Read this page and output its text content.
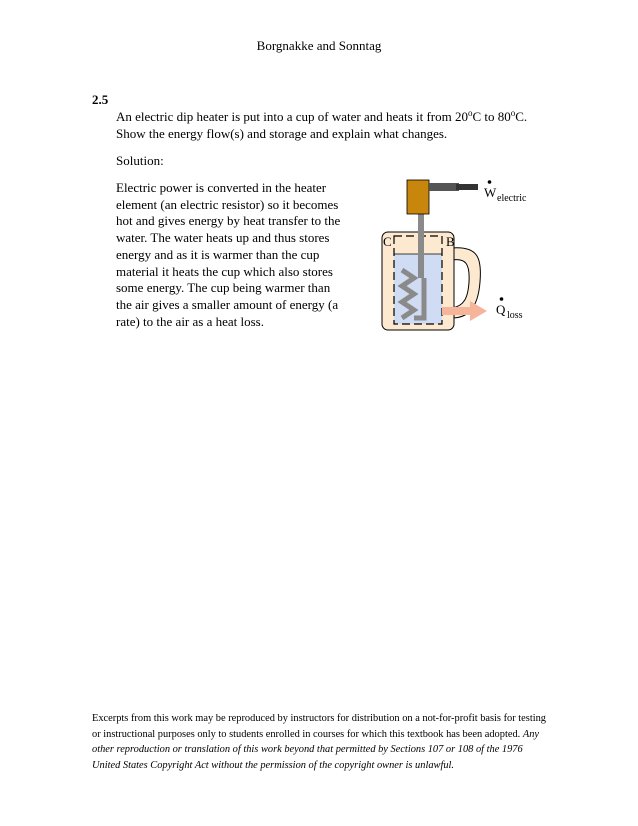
Borgnakke and Sonntag
2.5
An electric dip heater is put into a cup of water and heats it from 20$^o$C to 80$^o$C.
Show the energy flow(s) and storage and explain what changes.
Solution:
Electric power is converted in the heater element (an electric resistor) so it becomes hot and gives energy by heat transfer to the water. The water heats up and thus stores energy and as it is warmer than the cup material it heats the cup which also stores some energy. The cup being warmer than the air gives a smaller amount of energy (a rate) to the air as a heat loss.
C	B
W electric
Q loss
Excerpts from this work may be reproduced by instructors for distribution on a not-for-profit basis for testing or instructional purposes only to students enrolled in courses for which this textbook has been adopted. Any other reproduction or translation of this work beyond that permitted by Sections 107 or 108 of the 1976 United States Copyright Act without the permission of the copyright owner is unlawful.
